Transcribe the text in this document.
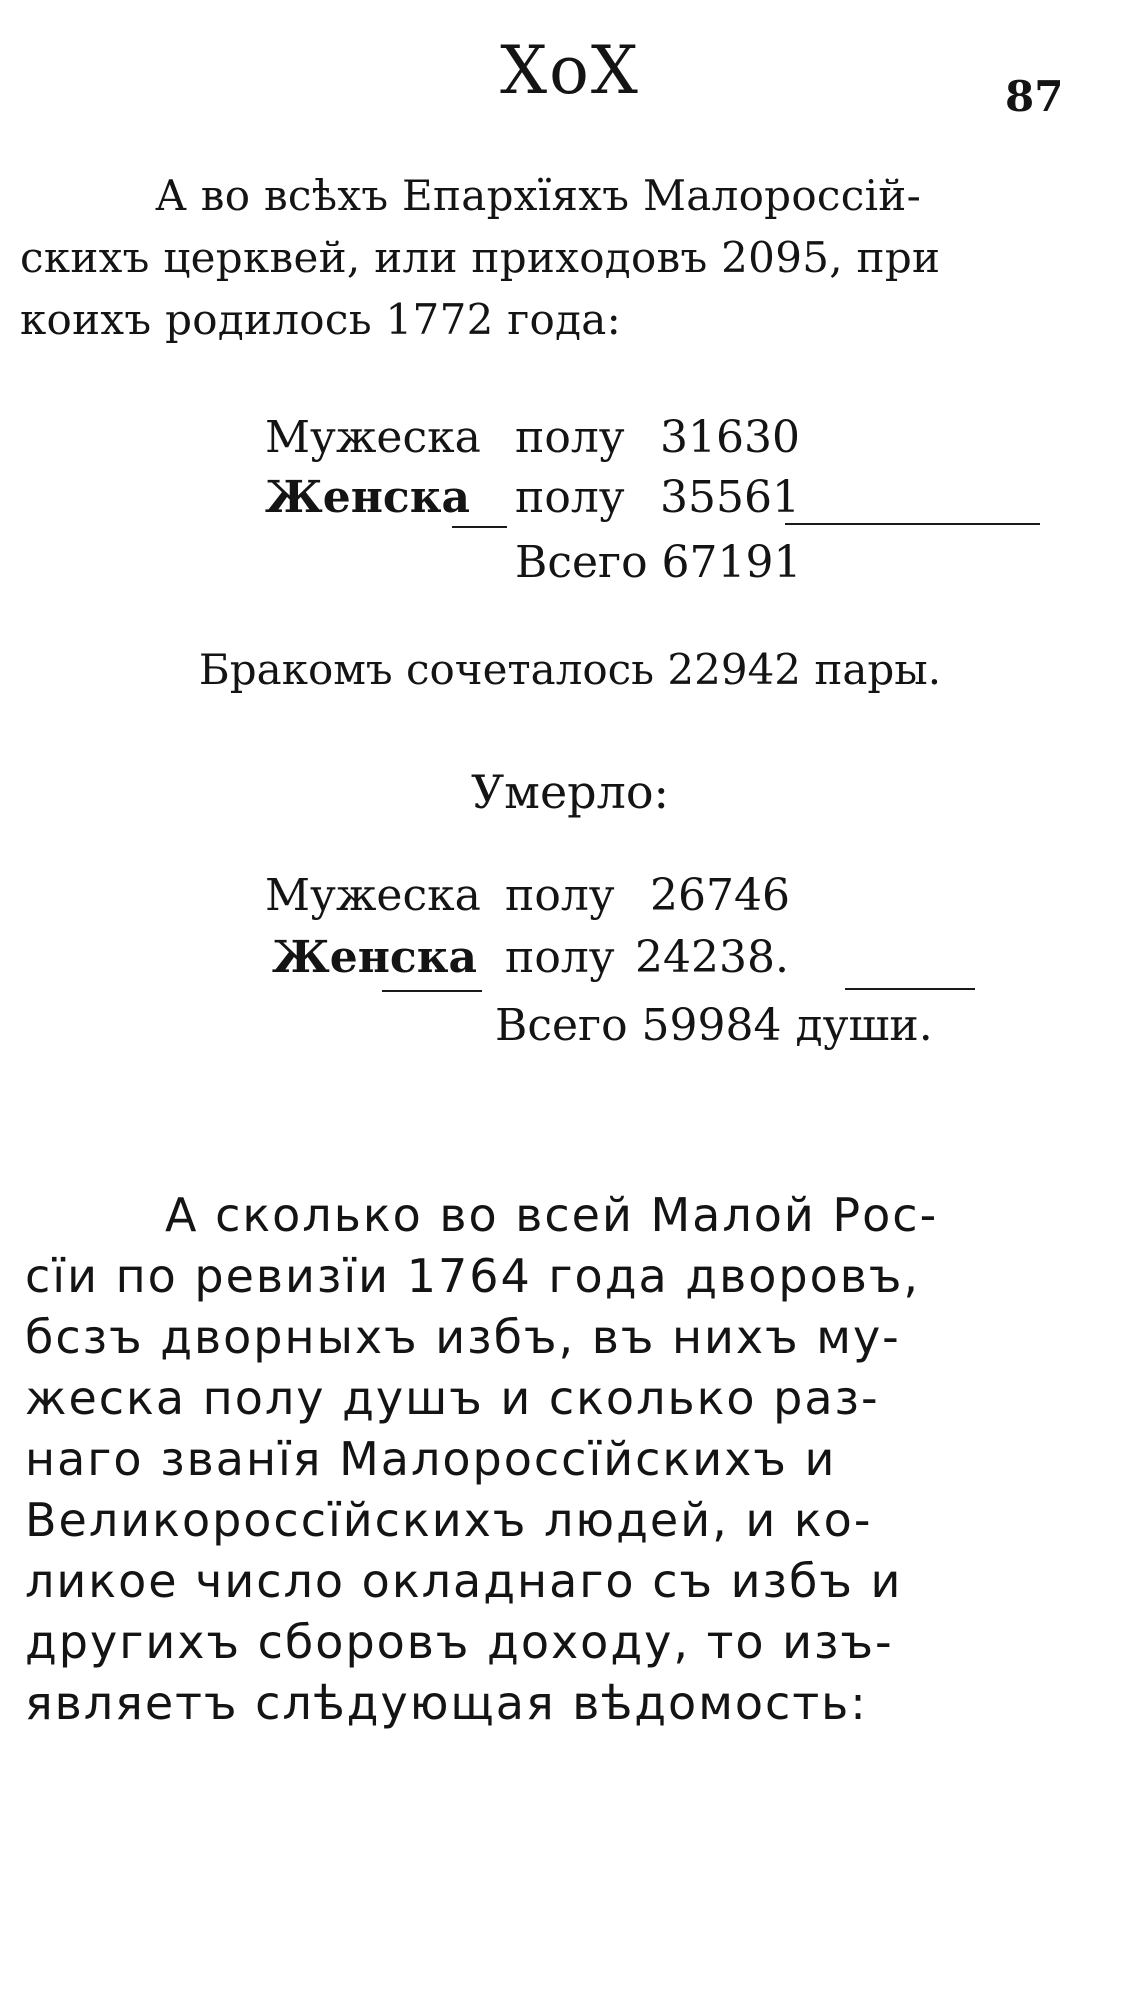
ⅩoⅩ	87
А во всѣхъ Епархїяхъ Малороссій-
скихъ церквей, или приходовъ 2095, при
коихъ родилось 1772 года:
Мужеска полу 31630
Женска полу 35561
Всего 67191
Бракомъ сочеталось 22942 пары.
Умерло:
Мужеска полу 26746
Женска полу 24238.
Всего 59984 души.
А сколько во всей Малой Рос-
сїи по ревизїи 1764 года дворовъ,
бсзъ дворныхъ избъ, въ нихъ му-
жеска полу душъ и сколько раз-
наго званїя Малороссїйскихъ и
Великороссїйскихъ людей, и ко-
ликое число окладнаго съ избъ и
другихъ сборовъ доходу, то изъ-
являетъ слѣдующая вѣдомость:
